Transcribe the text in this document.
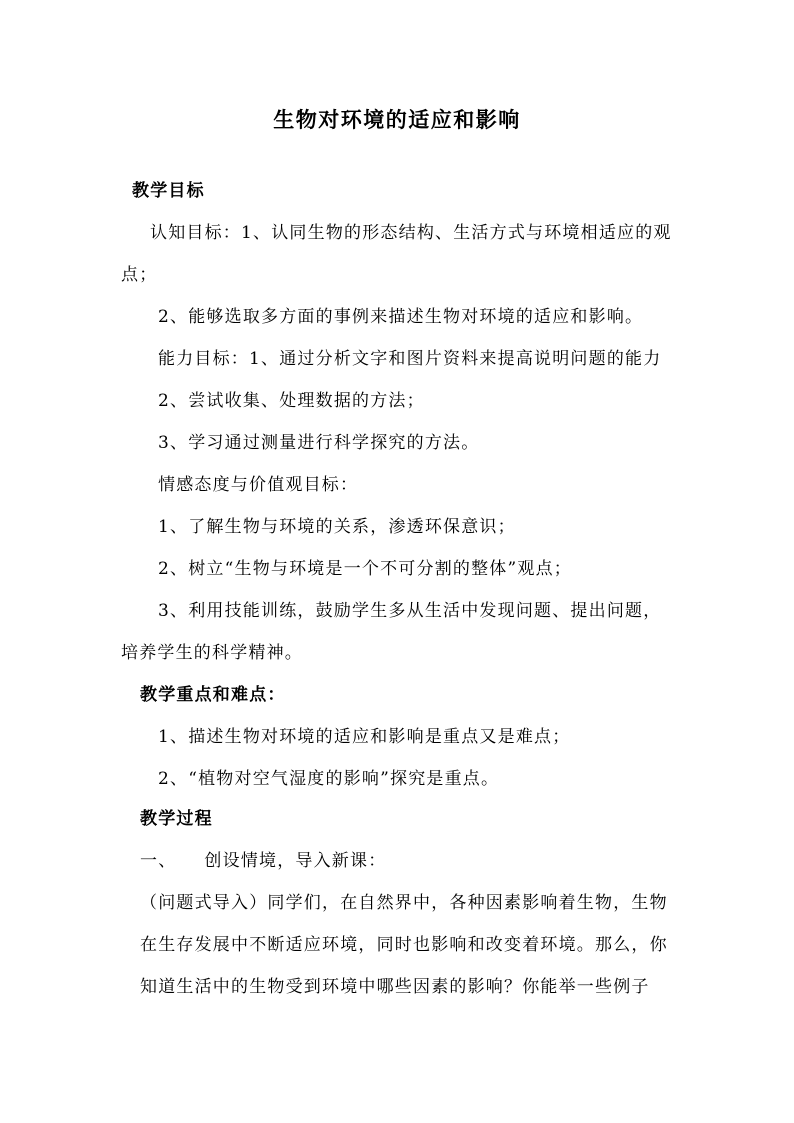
生物对环境的适应和影响
教学目标
认知目标：1、认同生物的形态结构、生活方式与环境相适应的观
点；
2、能够选取多方面的事例来描述生物对环境的适应和影响。
能力目标：1、通过分析文字和图片资料来提高说明问题的能力
2、尝试收集、处理数据的方法；
3、学习通过测量进行科学探究的方法。
情感态度与价值观目标：
1、了解生物与环境的关系，渗透环保意识；
2、树立“生物与环境是一个不可分割的整体”观点；
3、利用技能训练，鼓励学生多从生活中发现问题、提出问题，
培养学生的科学精神。
教学重点和难点：
1、描述生物对环境的适应和影响是重点又是难点；
2、“植物对空气湿度的影响”探究是重点。
教学过程
一、 创设情境，导入新课：
（问题式导入）同学们，在自然界中，各种因素影响着生物，生物
在生存发展中不断适应环境，同时也影响和改变着环境。那么，你
知道生活中的生物受到环境中哪些因素的影响？你能举一些例子
